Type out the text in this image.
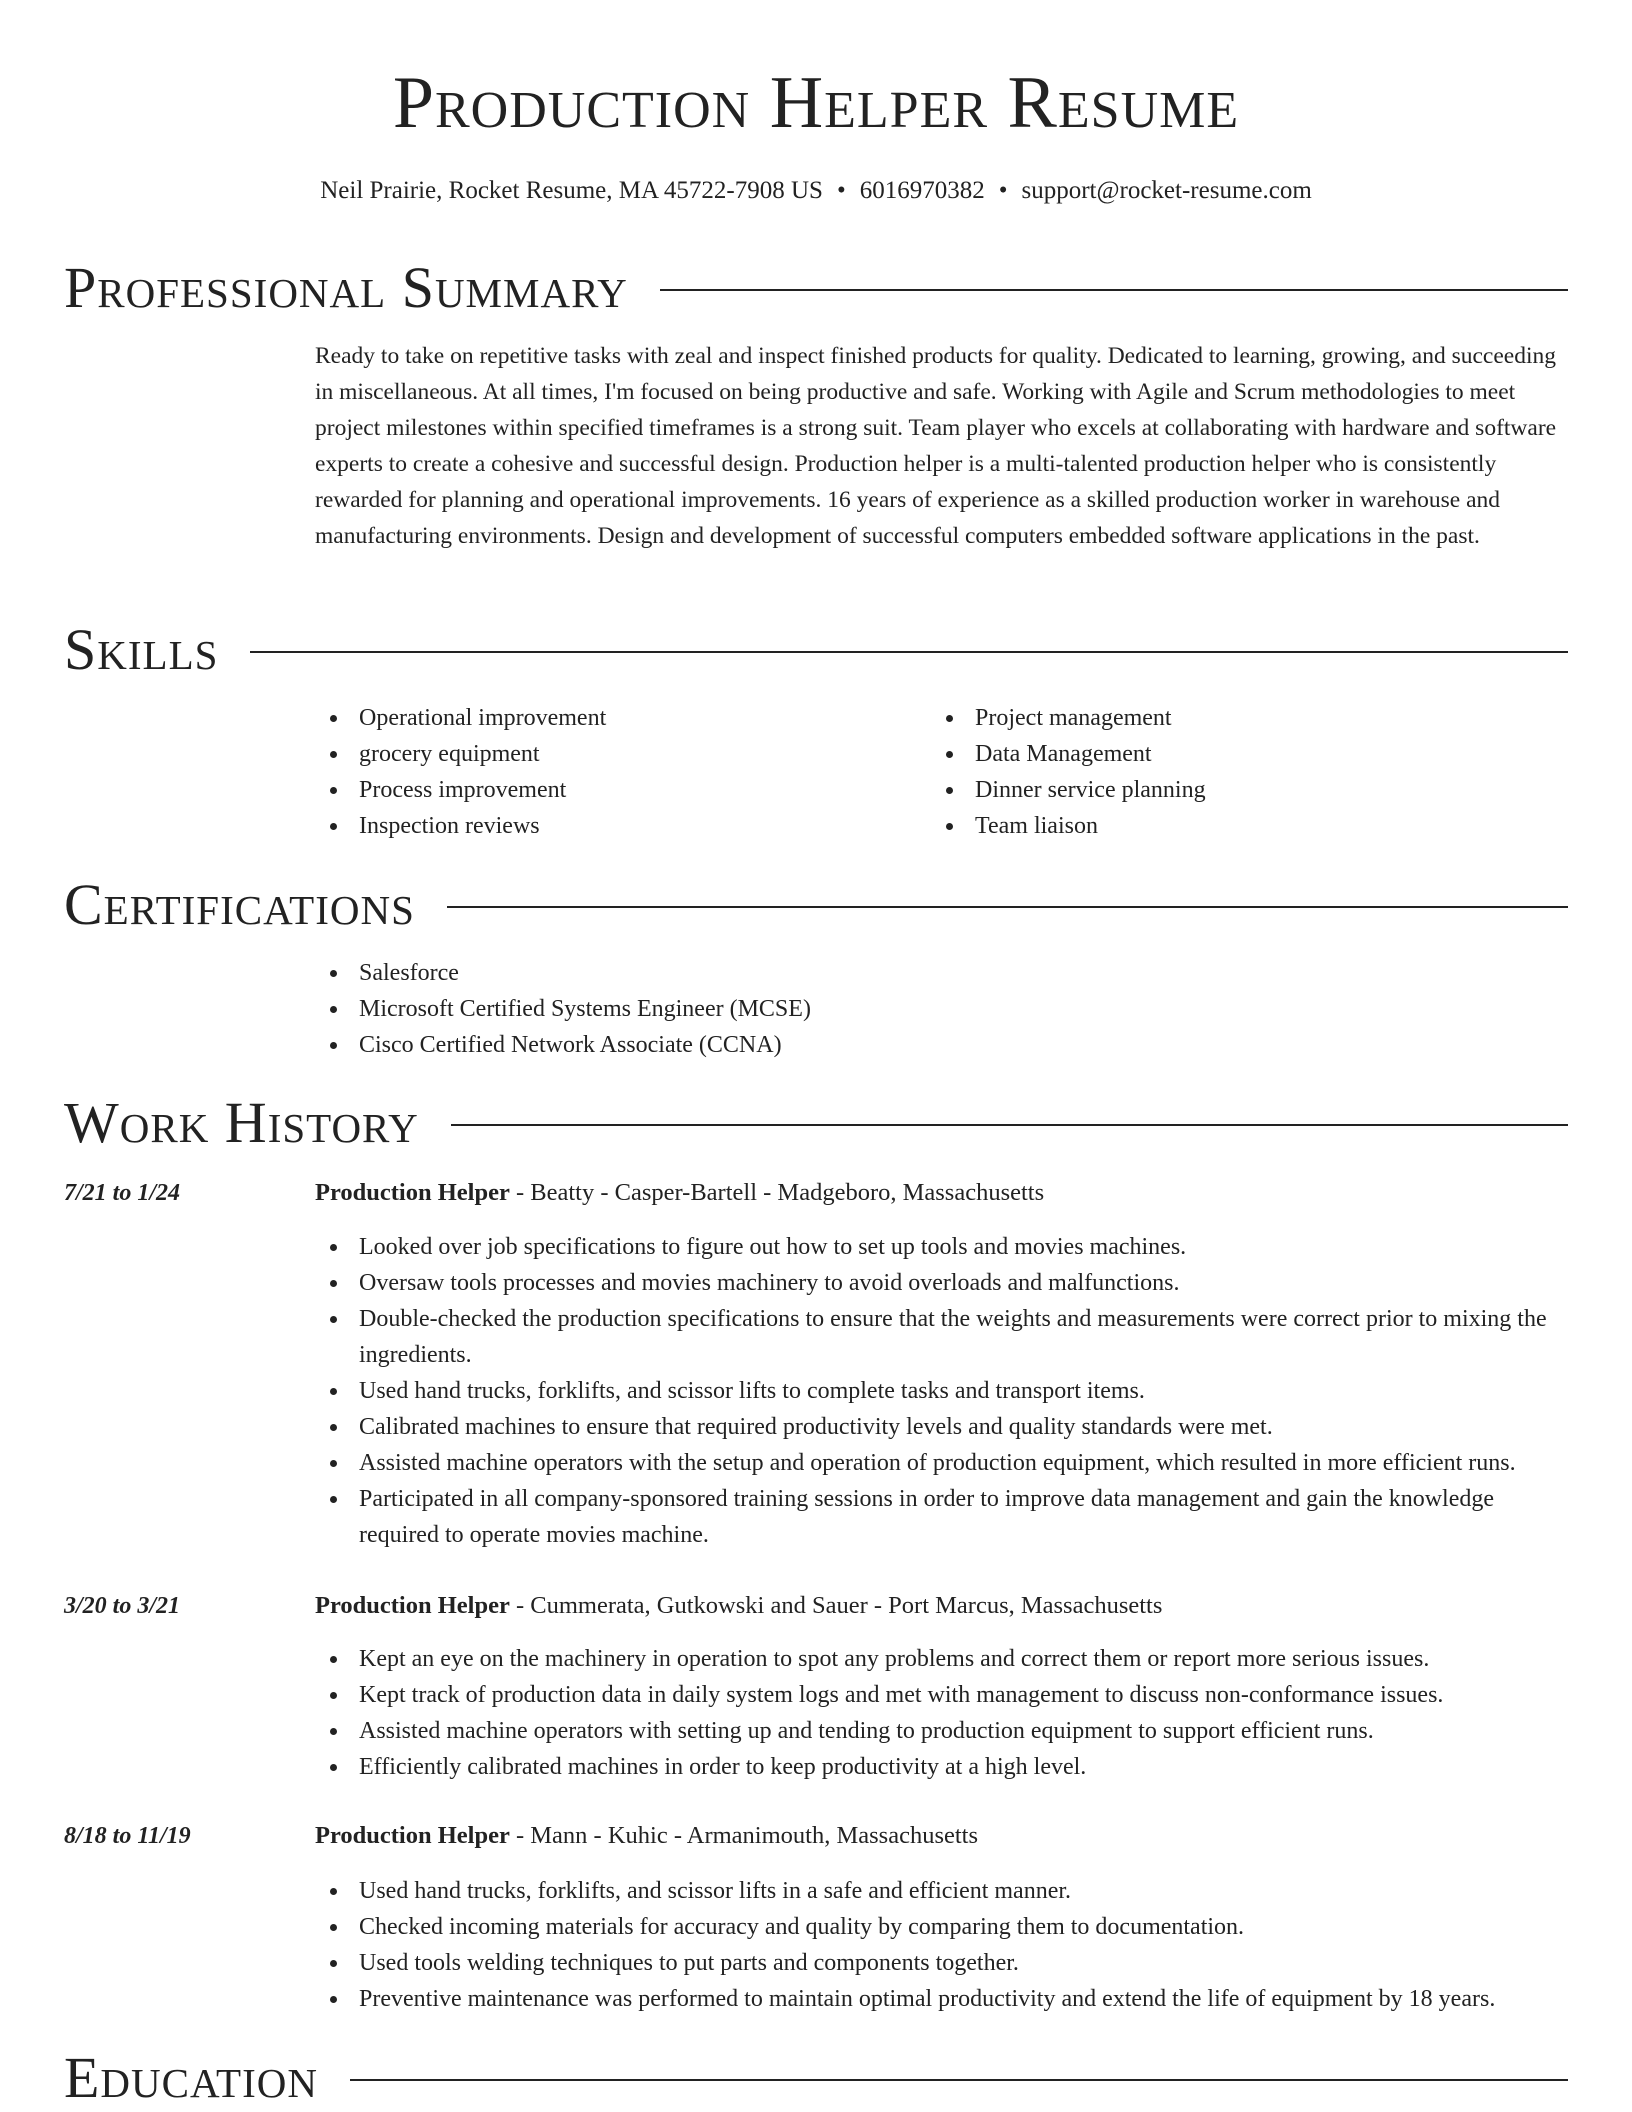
Production Helper Resume
Neil Prairie, Rocket Resume, MA 45722-7908 US • 6016970382 • support@rocket-resume.com
Professional Summary

Ready to take on repetitive tasks with zeal and inspect finished products for quality. Dedicated to learning, growing, and succeeding in miscellaneous. At all times, I'm focused on being productive and safe. Working with Agile and Scrum methodologies to meet project milestones within specified timeframes is a strong suit. Team player who excels at collaborating with hardware and software experts to create a cohesive and successful design. Production helper is a multi-talented production helper who is consistently rewarded for planning and operational improvements. 16 years of experience as a skilled production worker in warehouse and manufacturing environments. Design and development of successful computers embedded software applications in the past.

Skills
Operational improvement
grocery equipment
Process improvement
Inspection reviews
Project management
Data Management
Dinner service planning
Team liaison
Certifications
Salesforce
Microsoft Certified Systems Engineer (MCSE)
Cisco Certified Network Associate (CCNA)
Work History
7/21 to 1/24	Production Helper - Beatty - Casper-Bartell - Madgeboro, Massachusetts
Looked over job specifications to figure out how to set up tools and movies machines.
Oversaw tools processes and movies machinery to avoid overloads and malfunctions.
Double-checked the production specifications to ensure that the weights and measurements were correct prior to mixing the ingredients.
Used hand trucks, forklifts, and scissor lifts to complete tasks and transport items.
Calibrated machines to ensure that required productivity levels and quality standards were met.
Assisted machine operators with the setup and operation of production equipment, which resulted in more efficient runs.
Participated in all company-sponsored training sessions in order to improve data management and gain the knowledge required to operate movies machine.
3/20 to 3/21	Production Helper - Cummerata, Gutkowski and Sauer - Port Marcus, Massachusetts
Kept an eye on the machinery in operation to spot any problems and correct them or report more serious issues.
Kept track of production data in daily system logs and met with management to discuss non-conformance issues.
Assisted machine operators with setting up and tending to production equipment to support efficient runs.
Efficiently calibrated machines in order to keep productivity at a high level.
8/18 to 11/19	Production Helper - Mann - Kuhic - Armanimouth, Massachusetts
Used hand trucks, forklifts, and scissor lifts in a safe and efficient manner.
Checked incoming materials for accuracy and quality by comparing them to documentation.
Used tools welding techniques to put parts and components together.
Preventive maintenance was performed to maintain optimal productivity and extend the life of equipment by 18 years.
Education
